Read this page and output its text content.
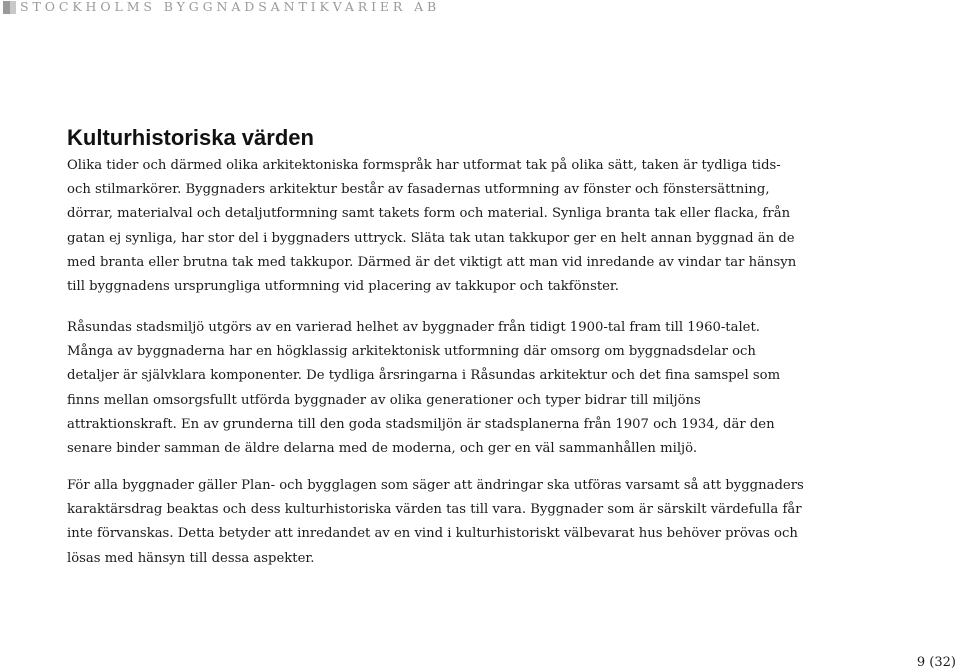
STOCKHOLMS BYGGNADSANTIKVARIER AB
Kulturhistoriska värden
Olika tider och därmed olika arkitektoniska formspråk har utformat tak på olika sätt, taken är tydliga tids-
och stilmarkörer. Byggnaders arkitektur består av fasadernas utformning av fönster och fönstersättning,
dörrar, materialval och detaljutformning samt takets form och material. Synliga branta tak eller flacka, från
gatan ej synliga, har stor del i byggnaders uttryck. Släta tak utan takkupor ger en helt annan byggnad än de
med branta eller brutna tak med takkupor. Därmed är det viktigt att man vid inredande av vindar tar hänsyn
till byggnadens ursprungliga utformning vid placering av takkupor och takfönster.
Råsundas stadsmiljö utgörs av en varierad helhet av byggnader från tidigt 1900-tal fram till 1960-talet.
Många av byggnaderna har en högklassig arkitektonisk utformning där omsorg om byggnadsdelar och
detaljer är självklara komponenter. De tydliga årsringarna i Råsundas arkitektur och det fina samspel som
finns mellan omsorgsfullt utförda byggnader av olika generationer och typer bidrar till miljöns
attraktionskraft. En av grunderna till den goda stadsmiljön är stadsplanerna från 1907 och 1934, där den
senare binder samman de äldre delarna med de moderna, och ger en väl sammanhållen miljö.
För alla byggnader gäller Plan- och bygglagen som säger att ändringar ska utföras varsamt så att byggnaders
karaktärsdrag beaktas och dess kulturhistoriska värden tas till vara. Byggnader som är särskilt värdefulla får
inte förvanskas. Detta betyder att inredandet av en vind i kulturhistoriskt välbevarat hus behöver prövas och
lösas med hänsyn till dessa aspekter.
9 (32)
